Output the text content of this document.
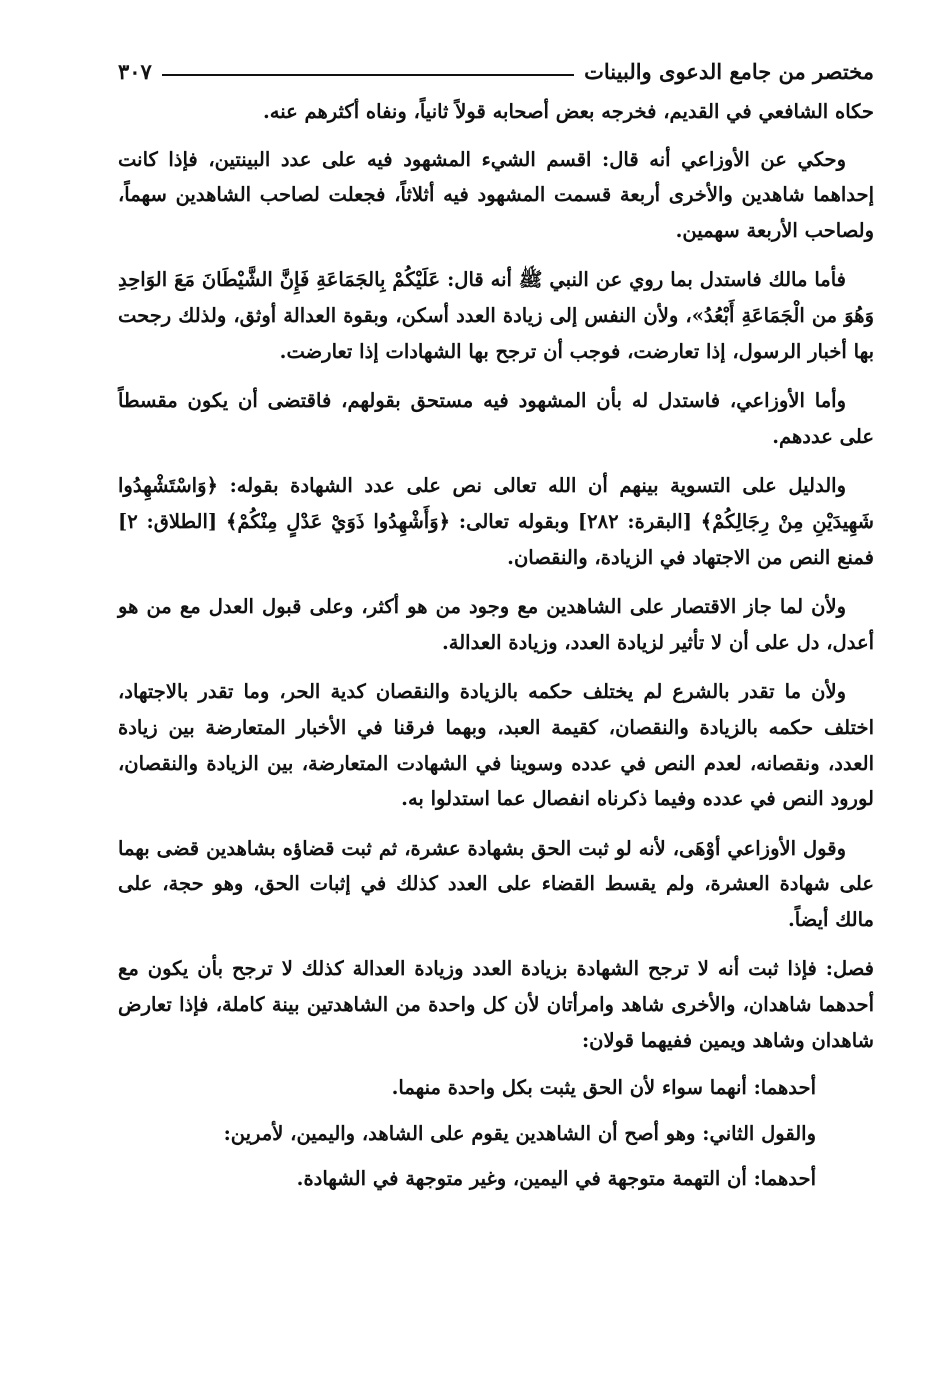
مختصر من جامع الدعوى والبينات
٣٠٧

حكاه الشافعي في القديم، فخرجه بعض أصحابه قولاً ثانياً، ونفاه أكثرهم عنه.

وحكي عن الأوزاعي أنه قال: اقسم الشيء المشهود فيه على عدد البينتين، فإذا كانت إحداهما شاهدين والأخرى أربعة قسمت المشهود فيه أثلاثاً، فجعلت لصاحب الشاهدين سهماً، ولصاحب الأربعة سهمين.

فأما مالك فاستدل بما روي عن النبي ﷺ أنه قال: عَلَيْكُمْ بِالجَمَاعَةِ فَإِنَّ الشَّيْطَانَ مَعَ الوَاحِدِ وَهُوَ من الْجَمَاعَةِ أَبْعُدُ»، ولأن النفس إلى زيادة العدد أسكن، وبقوة العدالة أوثق، ولذلك رجحت بها أخبار الرسول، إذا تعارضت، فوجب أن ترجح بها الشهادات إذا تعارضت.

وأما الأوزاعي، فاستدل له بأن المشهود فيه مستحق بقولهم، فاقتضى أن يكون مقسطاً على عددهم.

والدليل على التسوية بينهم أن الله تعالى نص على عدد الشهادة بقوله: ﴿وَاسْتَشْهِدُوا شَهِيدَيْنِ مِنْ رِجَالِكُمْ﴾ [البقرة: ٢٨٢] وبقوله تعالى: ﴿وَأَشْهِدُوا ذَوَيْ عَدْلٍ مِنْكُمْ﴾ [الطلاق: ٢] فمنع النص من الاجتهاد في الزيادة، والنقصان.

ولأن لما جاز الاقتصار على الشاهدين مع وجود من هو أكثر، وعلى قبول العدل مع من هو أعدل، دل على أن لا تأثير لزيادة العدد، وزيادة العدالة.

ولأن ما تقدر بالشرع لم يختلف حكمه بالزيادة والنقصان كدية الحر، وما تقدر بالاجتهاد، اختلف حكمه بالزيادة والنقصان، كقيمة العبد، وبهما فرقنا في الأخبار المتعارضة بين زيادة العدد، ونقصانه، لعدم النص في عدده وسوينا في الشهادت المتعارضة، بين الزيادة والنقصان، لورود النص في عدده وفيما ذكرناه انفصال عما استدلوا به.

وقول الأوزاعي أوْهَى، لأنه لو ثبت الحق بشهادة عشرة، ثم ثبت قضاؤه بشاهدين قضى بهما على شهادة العشرة، ولم يقسط القضاء على العدد كذلك في إثبات الحق، وهو حجة، على مالك أيضاً.

فصل: فإذا ثبت أنه لا ترجح الشهادة بزيادة العدد وزيادة العدالة كذلك لا ترجح بأن يكون مع أحدهما شاهدان، والأخرى شاهد وامرأتان لأن كل واحدة من الشاهدتين بينة كاملة، فإذا تعارض شاهدان وشاهد ويمين ففيهما قولان:

أحدهما: أنهما سواء لأن الحق يثبت بكل واحدة منهما.

والقول الثاني: وهو أصح أن الشاهدين يقوم على الشاهد، واليمين، لأمرين:

أحدهما: أن التهمة متوجهة في اليمين، وغير متوجهة في الشهادة.
